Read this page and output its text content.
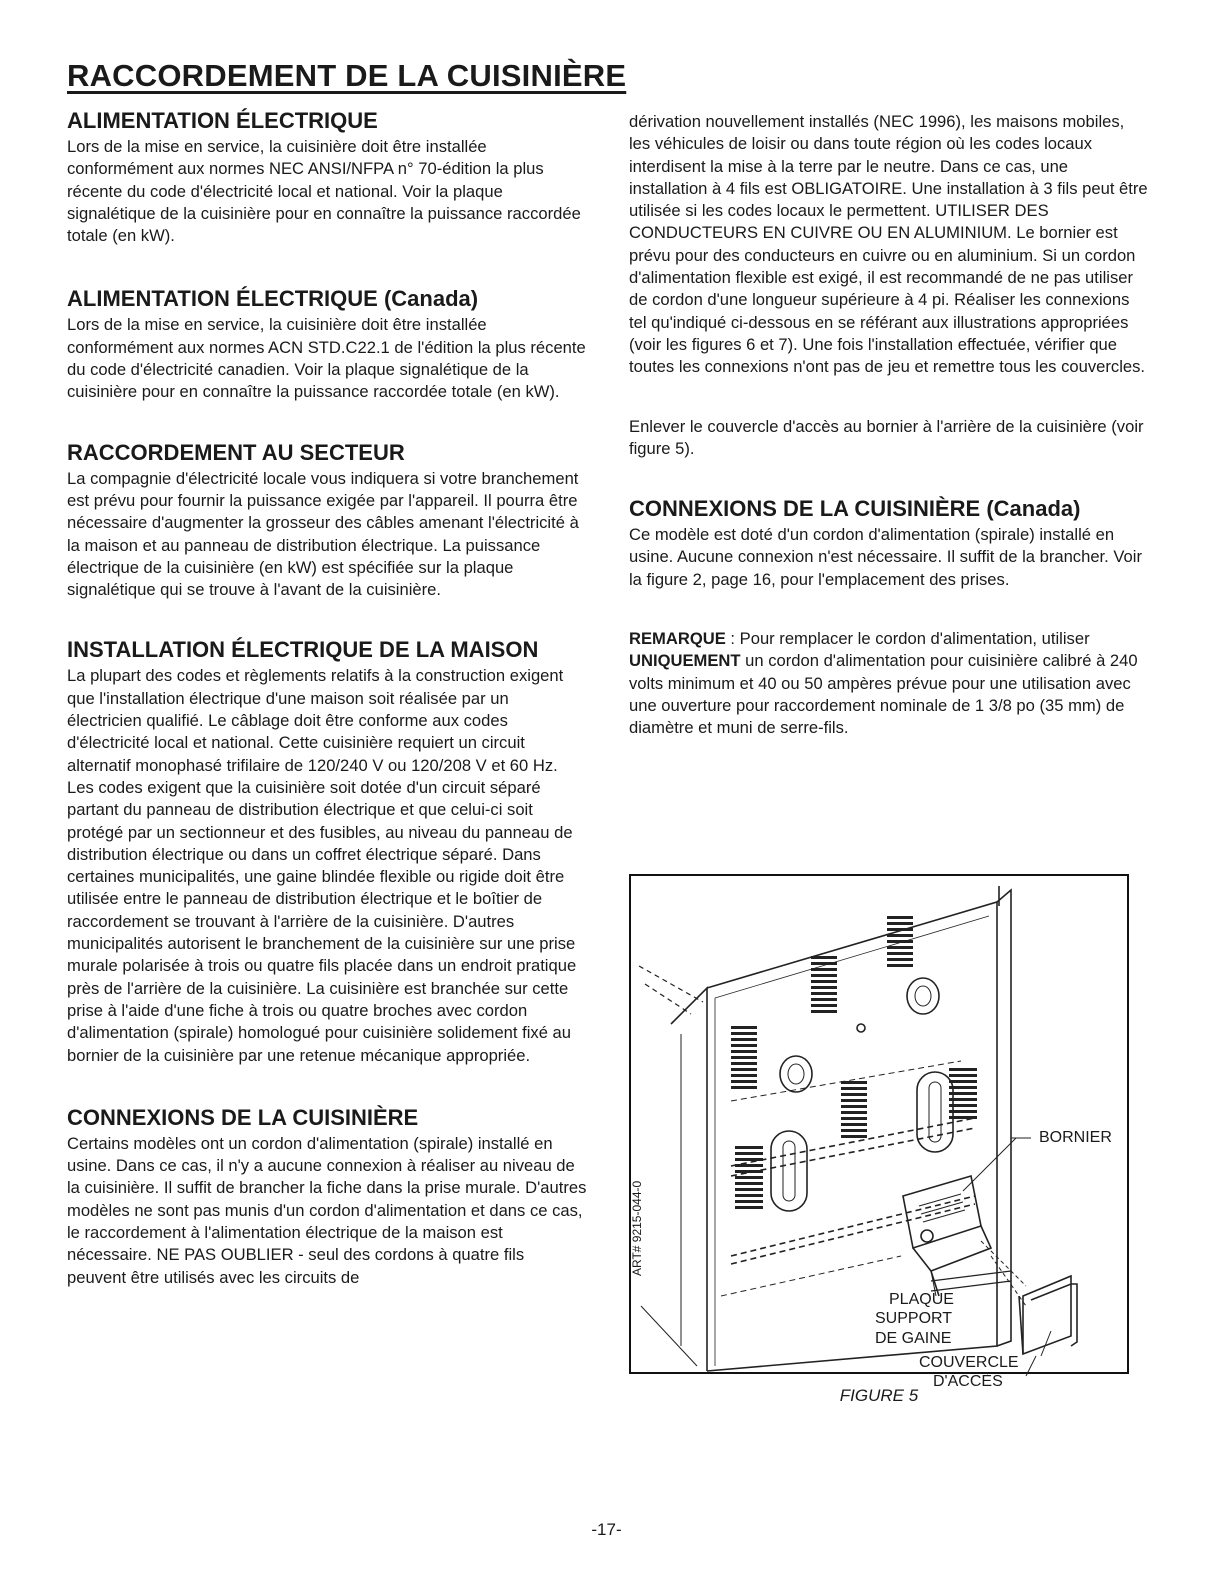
RACCORDEMENT DE LA CUISINIÈRE
ALIMENTATION ÉLECTRIQUE

Lors de la mise en service, la cuisinière doit être installée conformément aux normes NEC ANSI/NFPA n° 70-édition la plus récente du code d'électricité local et national. Voir la plaque signalétique de la cuisinière pour en connaître la puissance raccordée totale (en kW).

ALIMENTATION ÉLECTRIQUE (Canada)

Lors de la mise en service, la cuisinière doit être installée conformément aux normes ACN STD.C22.1 de l'édition la plus récente du code d'électricité canadien. Voir la plaque signalétique de la cuisinière pour en connaître la puissance raccordée totale (en kW).

RACCORDEMENT AU SECTEUR

La compagnie d'électricité locale vous indiquera si votre branchement est prévu pour fournir la puissance exigée par l'appareil. Il pourra être nécessaire d'augmenter la grosseur des câbles amenant l'électricité à la maison et au panneau de distribution électrique. La puissance électrique de la cuisinière (en kW) est spécifiée sur la plaque signalétique qui se trouve à l'avant de la cuisinière.

INSTALLATION ÉLECTRIQUE DE LA MAISON

La plupart des codes et règlements relatifs à la construction exigent que l'installation électrique d'une maison soit réalisée par un électricien qualifié. Le câblage doit être conforme aux codes d'électricité local et national. Cette cuisinière requiert un circuit alternatif monophasé trifilaire de 120/240 V ou 120/208 V et 60 Hz. Les codes exigent que la cuisinière soit dotée d'un circuit séparé partant du panneau de distribution électrique et que celui-ci soit protégé par un sectionneur et des fusibles, au niveau du panneau de distribution électrique ou dans un coffret électrique séparé. Dans certaines municipalités, une gaine blindée flexible ou rigide doit être utilisée entre le panneau de distribution électrique et le boîtier de raccordement se trouvant à l'arrière de la cuisinière. D'autres municipalités autorisent le branchement de la cuisinière sur une prise murale polarisée à trois ou quatre fils placée dans un endroit pratique près de l'arrière de la cuisinière. La cuisinière est branchée sur cette prise à l'aide d'une fiche à trois ou quatre broches avec cordon d'alimentation (spirale) homologué pour cuisinière solidement fixé au bornier de la cuisinière par une retenue mécanique appropriée.

CONNEXIONS DE LA CUISINIÈRE

Certains modèles ont un cordon d'alimentation (spirale) installé en usine. Dans ce cas, il n'y a aucune connexion à réaliser au niveau de la cuisinière. Il suffit de brancher la fiche dans la prise murale. D'autres modèles ne sont pas munis d'un cordon d'alimentation et dans ce cas, le raccordement à l'alimentation électrique de la maison est nécessaire. NE PAS OUBLIER - seul des cordons à quatre fils peuvent être utilisés avec les circuits de

dérivation nouvellement installés (NEC 1996), les maisons mobiles, les véhicules de loisir ou dans toute région où les codes locaux interdisent la mise à la terre par le neutre. Dans ce cas, une installation à 4 fils est OBLIGATOIRE. Une installation à 3 fils peut être utilisée si les codes locaux le permettent. UTILISER DES CONDUCTEURS EN CUIVRE OU EN ALUMINIUM. Le bornier est prévu pour des conducteurs en cuivre ou en aluminium. Si un cordon d'alimentation flexible est exigé, il est recommandé de ne pas utiliser de cordon d'une longueur supérieure à 4 pi. Réaliser les connexions tel qu'indiqué ci-dessous en se référant aux illustrations appropriées (voir les figures 6 et 7). Une fois l'installation effectuée, vérifier que toutes les connexions n'ont pas de jeu et remettre tous les couvercles.

Enlever le couvercle d'accès au bornier à l'arrière de la cuisinière (voir figure 5).

CONNEXIONS DE LA CUISINIÈRE (Canada)

Ce modèle est doté d'un cordon d'alimentation (spirale) installé en usine. Aucune connexion n'est nécessaire. Il suffit de la brancher. Voir la figure 2, page 16, pour l'emplacement des prises.

REMARQUE : Pour remplacer le cordon d'alimentation, utiliser UNIQUEMENT un cordon d'alimentation pour cuisinière calibré à 240 volts minimum et 40 ou 50 ampères prévue pour une utilisation avec une ouverture pour raccordement nominale de 1 3/8 po (35 mm) de diamètre et muni de serre-fils.

BORNIER
PLAQUE
SUPPORT
DE GAINE
COUVERCLE
D'ACCÈS
ART# 9215-044-0
FIGURE 5
-17-
